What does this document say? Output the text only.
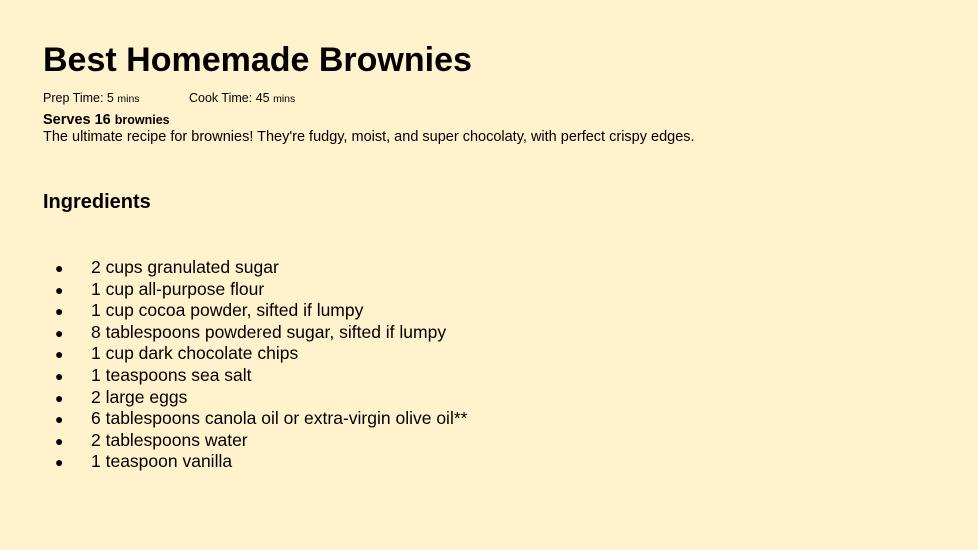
Best Homemade Brownies
Prep Time: 5 mins	Cook Time: 45 mins
Serves 16 brownies
The ultimate recipe for brownies! They're fudgy, moist, and super chocolaty, with perfect crispy edges.
Ingredients
●	2 cups granulated sugar
●	1 cup all-purpose flour
●	1 cup cocoa powder, sifted if lumpy
●	8 tablespoons powdered sugar, sifted if lumpy
●	1 cup dark chocolate chips
●	1 teaspoons sea salt
●	2 large eggs
●	6 tablespoons canola oil or extra-virgin olive oil**
●	2 tablespoons water
●	1 teaspoon vanilla
